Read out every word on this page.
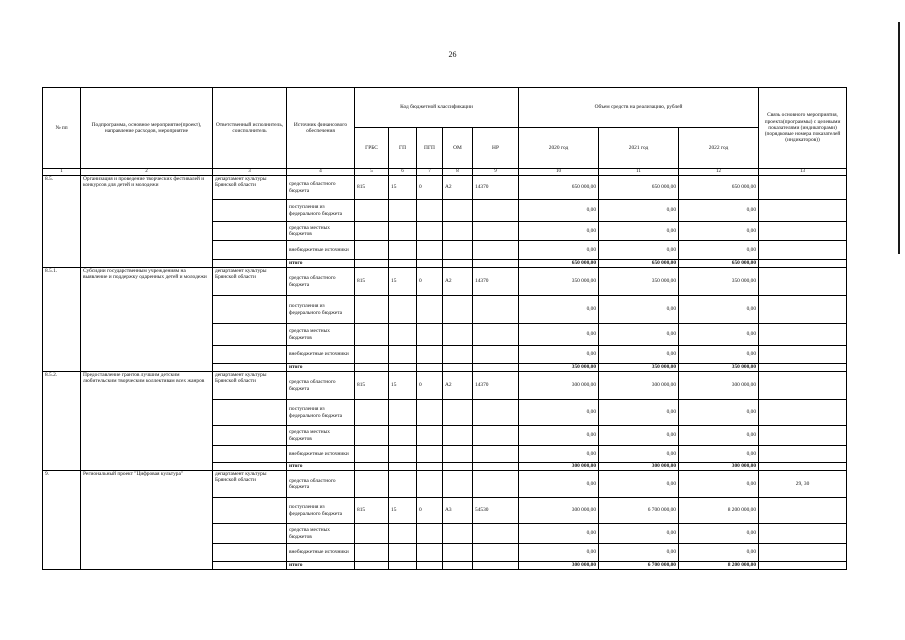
26
№ пп	Подпрограмма, основное мероприятие(проект), направление расходов, мероприятие	Ответственный исполнитель, соисполнитель	Источник финансового обеспечения	Код бюджетной классификации					Объем средств на реализацию, рублей			Связь основного мероприятия, проекта(программы) с целевыми показателями (индикаторами) (порядковые номера показателей (индикаторов))
				ГРБС	ГП	ПГП	ОМ	НР	2020 год	2021 год	2022 год	
1	2	3	4	5	6	7	8	9	10	11	12	13
8.5.	Организация и проведение творческих фестивалей и конкурсов для детей и молодежи	департамент культуры Брянской области	средства областного бюджета	815	15	0	А2	14370	650 000,00	650 000,00	650 000,00	
			поступления из федерального бюджета						0,00	0,00	0,00	
			средства местных бюджетов						0,00	0,00	0,00	
			внебюджетные источники						0,00	0,00	0,00	
			итого						650 000,00	650 000,00	650 000,00	
8.5.1.	Субсидии государственным учреждениям на выявление и поддержку одаренных детей и молодежи	департамент культуры Брянской области	средства областного бюджета	815	15	0	А2	14370	350 000,00	350 000,00	350 000,00	
			поступления из федерального бюджета						0,00	0,00	0,00	
			средства местных бюджетов						0,00	0,00	0,00	
			внебюджетные источники						0,00	0,00	0,00	
			итого						350 000,00	350 000,00	350 000,00	
8.5.2.	Предоставление грантов лучшим детским любительским творческим коллективам всех жанров	департамент культуры Брянской области	средства областного бюджета	815	15	0	А2	14370	300 000,00	300 000,00	300 000,00	
			поступления из федерального бюджета						0,00	0,00	0,00	
			средства местных бюджетов						0,00	0,00	0,00	
			внебюджетные источники						0,00	0,00	0,00	
			итого						300 000,00	300 000,00	300 000,00	
9.	Региональный проект "Цифровая культура"	департамент культуры Брянской области	средства областного бюджета						0,00	0,00	0,00	29, 30
			поступления из федерального бюджета	815	15	0	А3	54530	300 000,00	6 700 000,00	8 200 000,00	
			средства местных бюджетов						0,00	0,00	0,00	
			внебюджетные источники						0,00	0,00	0,00	
			итого						300 000,00	6 700 000,00	8 200 000,00	
